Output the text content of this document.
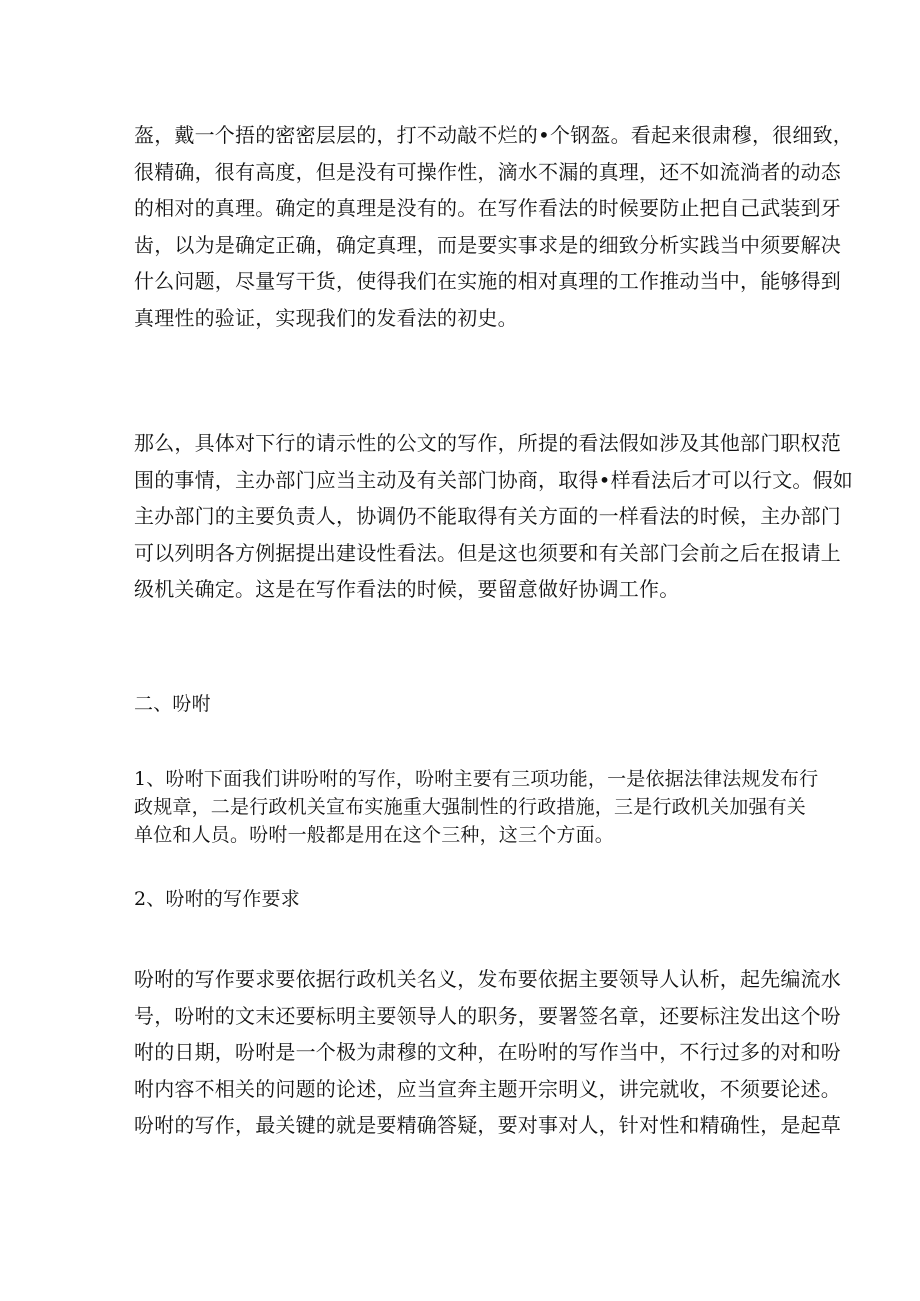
盔，戴一个捂的密密层层的，打不动敲不烂的•个钢盔。看起来很肃穆，很细致，
很精确，很有高度，但是没有可操作性，滴水不漏的真理，还不如流淌者的动态
的相对的真理。确定的真理是没有的。在写作看法的时候要防止把自己武装到牙
齿，以为是确定正确，确定真理，而是要实事求是的细致分析实践当中须要解决
什么问题，尽量写干货，使得我们在实施的相对真理的工作推动当中，能够得到
真理性的验证，实现我们的发看法的初史。

那么，具体对下行的请示性的公文的写作，所提的看法假如涉及其他部门职权范
围的事情，主办部门应当主动及有关部门协商，取得•样看法后才可以行文。假如
主办部门的主要负责人，协调仍不能取得有关方面的一样看法的时候，主办部门
可以列明各方例据提出建设性看法。但是这也须要和有关部门会前之后在报请上
级机关确定。这是在写作看法的时候，要留意做好协调工作。

二、吩咐

1、吩咐下面我们讲吩咐的写作，吩咐主要有三项功能，一是依据法律法规发布行
政规章，二是行政机关宣布实施重大强制性的行政措施，三是行政机关加强有关
单位和人员。吩咐一般都是用在这个三种，这三个方面。

2、吩咐的写作要求

吩咐的写作要求要依据行政机关名义，发布要依据主要领导人认析，起先编流水
号，吩咐的文末还要标明主要领导人的职务，要署签名章，还要标注发出这个吩
咐的日期，吩咐是一个极为肃穆的文种，在吩咐的写作当中，不行过多的对和吩
咐内容不相关的问题的论述，应当宣奔主题开宗明义，讲完就收，不须要论述。
吩咐的写作，最关键的就是要精确答疑，要对事对人，针对性和精确性，是起草
